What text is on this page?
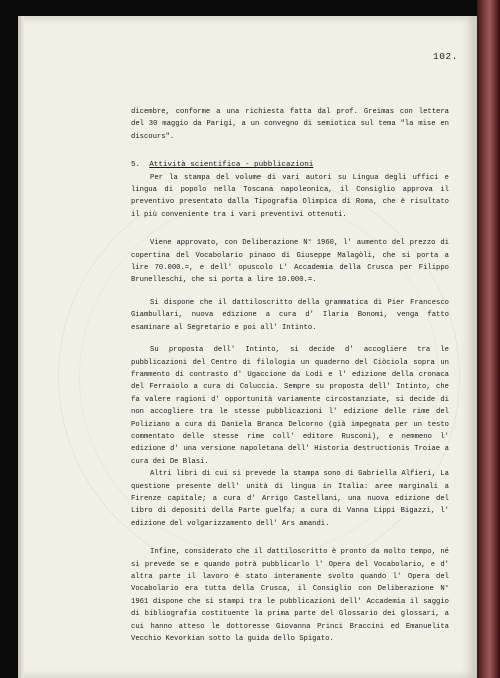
102.

dicembre, conforme a una richiesta fatta dal prof. Greimas con lettera del 30 maggio da Parigi, a un convegno di semiotica sul tema "la mise en discours".

5. Attività scientifica - pubblicazioni

Per la stampa del volume di vari autori su Lingua degli uffici e lingua di popolo nella Toscana napoleonica, il Consiglio approva il preventivo presentato dalla Tipografia Olimpica di Roma, che è risultato il più conveniente tra i vari preventivi ottenuti.

Viene approvato, con Deliberazione N° 1960, l' aumento del prezzo di copertina del Vocabolario pinaoo di Giuseppe Malagòli, che si porta a lire 70.000.=, e dell' opuscolo L' Accademia della Crusca per Filippo Brunelleschi, che si porta a lire 10.000.=.

Si dispone che il dattiloscritto della grammatica di Pier Francesco Giambullari, nuova edizione a cura d' Ilaria Bonomi, venga fatto esaminare al Segretario e poi all' Intinto.

Su proposta dell' Intinto, si decide d' accogliere tra le pubblicazioni del Centro di filologia un quaderno del Ciòciola sopra un frammento di contrasto d' Ugaccione da Lodi e l' edizione della cronaca del Ferraiolo a cura di Coluccia. Sempre su proposta dell' Intinto, che fa valere ragioni d' opportunità variamente circostanziate, si decide di non accogliere tra le stesse pubblicazioni l' edizione delle rime del Poliziano a cura di Daniela Branca Delcorno (già impegnata per un testo commentato delle stesse rime coll' editore Rusconi), e nemmeno l' edizione d' una versione napoletana dell' Historia destructionis Troiae a cura dei De Blasi.

Altri libri di cui si prevede la stampa sono di Gabriella Alfieri, La questione presente dell' unità di lingua in Italia: aree marginali a Firenze capitale; a cura d' Arrigo Castellani, una nuova edizione del Libro di depositi della Parte guelfa; a cura di Vanna Lippi Bigazzi, l' edizione del volgarizzamento dell' Ars amandi.

Infine, considerato che il dattiloscritto è pronto da molto tempo, né si prevede se e quando potrà pubblicarlo l' Opera del Vocabolario, e d' altra parte il lavoro è stato interamente svolto quando l' Opera del Vocabolario era tutta della Crusca, il Consiglio con Deliberazione N° 1961 dispone che si stampi tra le pubblicazioni dell' Accademia il saggio di bibliografia costituente la prima parte del Glossario dei glossari, a cui hanno atteso le dottoresse Giovanna Princi Braccini ed Emanuelita Vecchio Kevorkian sotto la guida dello Spigato.
